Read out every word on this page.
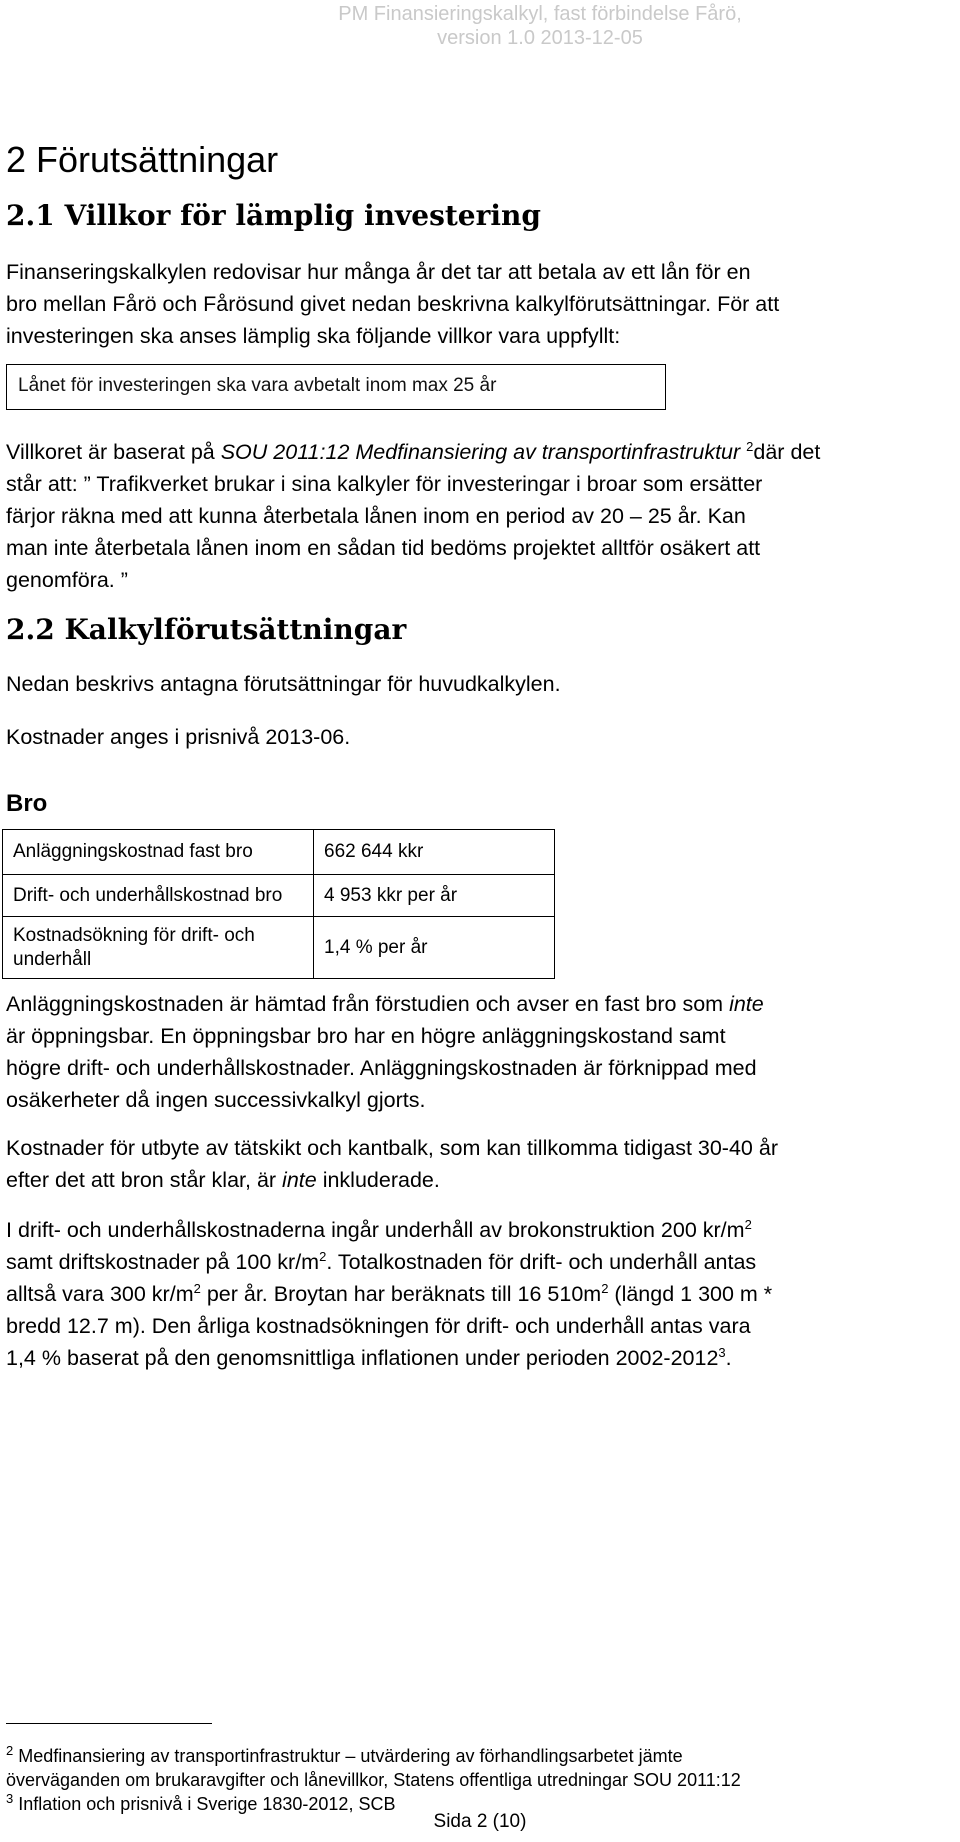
PM Finansieringskalkyl, fast förbindelse Fårö,
version 1.0 2013-12-05
2 Förutsättningar
2.1 Villkor för lämplig investering
Finanseringskalkylen redovisar hur många år det tar att betala av ett lån för en
bro mellan Fårö och Fårösund givet nedan beskrivna kalkylförutsättningar. För att
investeringen ska anses lämplig ska följande villkor vara uppfyllt:
Lånet för investeringen ska vara avbetalt inom max 25 år
Villkoret är baserat på SOU 2011:12 Medfinansiering av transportinfrastruktur $^2$där det
står att: ” Trafikverket brukar i sina kalkyler för investeringar i broar som ersätter
färjor räkna med att kunna återbetala lånen inom en period av 20 – 25 år. Kan
man inte återbetala lånen inom en sådan tid bedöms projektet alltför osäkert att
genomföra. ”
2.2 Kalkylförutsättningar
Nedan beskrivs antagna förutsättningar för huvudkalkylen.
Kostnader anges i prisnivå 2013-06.
Bro
Anläggningskostnad fast bro	662 644 kkr
Drift- och underhållskostnad bro	4 953 kkr per år
Kostnadsökning för drift- och underhåll	1,4 % per år
Anläggningskostnaden är hämtad från förstudien och avser en fast bro som inte
är öppningsbar. En öppningsbar bro har en högre anläggningskostand samt
högre drift- och underhållskostnader. Anläggningskostnaden är förknippad med
osäkerheter då ingen successivkalkyl gjorts.
Kostnader för utbyte av tätskikt och kantbalk, som kan tillkomma tidigast 30-40 år
efter det att bron står klar, är inte inkluderade.
I drift- och underhållskostnaderna ingår underhåll av brokonstruktion 200 $kr/m^2$
samt driftskostnader på 100 $kr/m^2$. Totalkostnaden för drift- och underhåll antas
alltså vara 300 $kr/m^2$ per år. Broytan har beräknats till 16 $510m^2$ (längd 1 300 m *
bredd 12.7 m). Den årliga kostnadsökningen för drift- och underhåll antas vara
1,4 % baserat på den genomsnittliga inflationen under perioden 2002-2012$^3$.
$^2$ Medfinansiering av transportinfrastruktur – utvärdering av förhandlingsarbetet jämte
överväganden om brukaravgifter och lånevillkor, Statens offentliga utredningar SOU 2011:12
$^3$ Inflation och prisnivå i Sverige 1830-2012, SCB
Sida 2 (10)
